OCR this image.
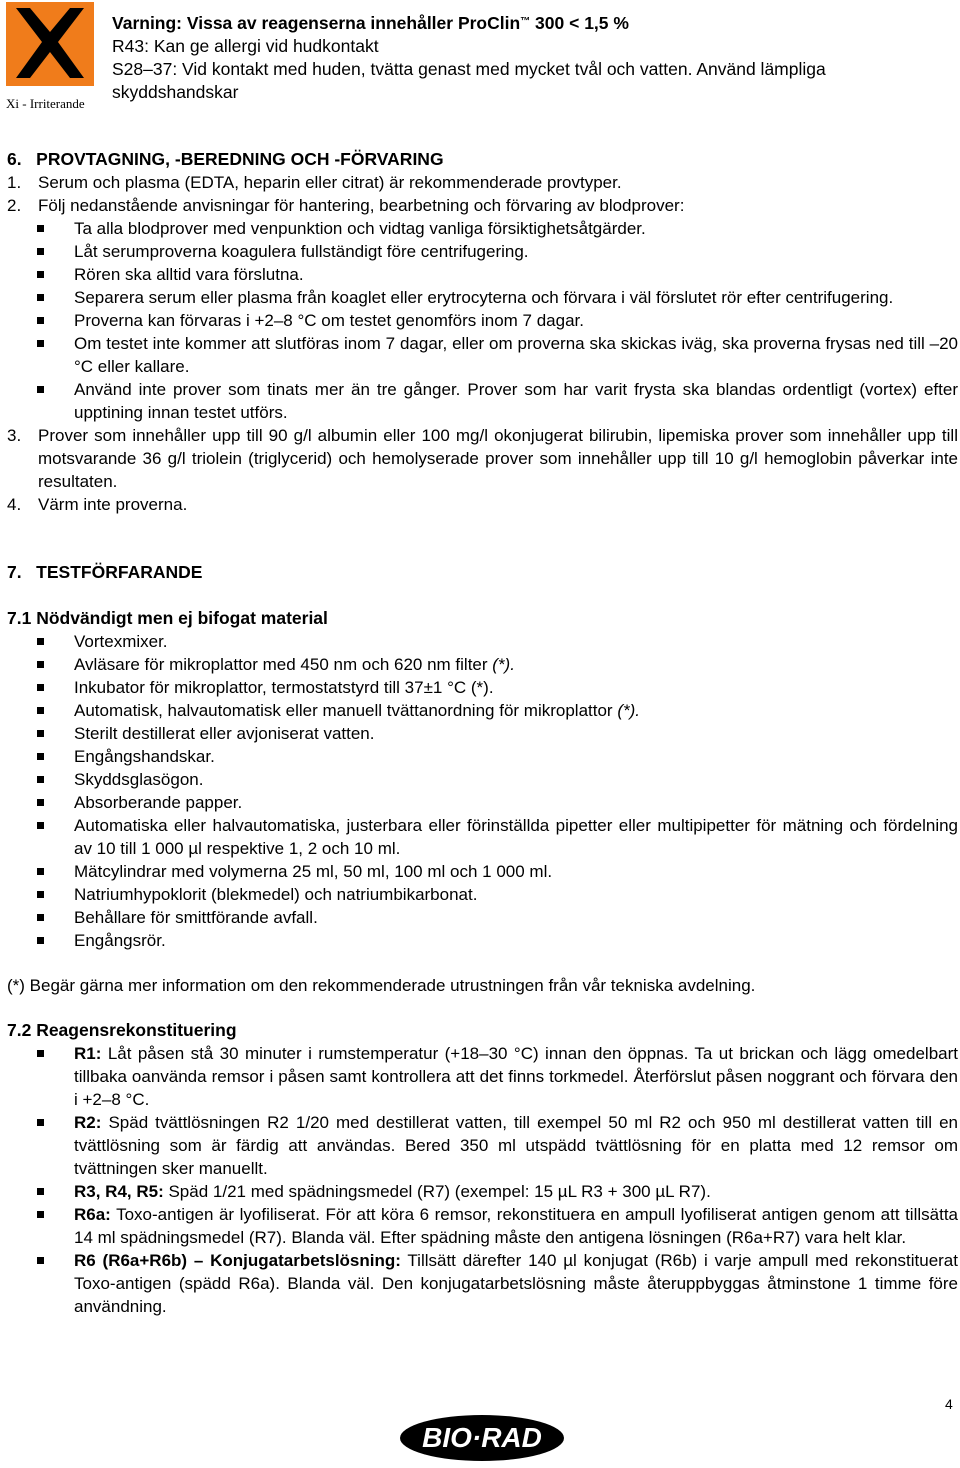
Xi - Irriterande
Varning: Vissa av reagenserna innehåller ProClin™ 300 < 1,5 %
R43: Kan ge allergi vid hudkontakt
S28–37: Vid kontakt med huden, tvätta genast med mycket tvål och vatten. Använd lämpliga
skyddshandskar
6.   PROVTAGNING, -BEREDNING OCH -FÖRVARING
1. Serum och plasma (EDTA, heparin eller citrat) är rekommenderade provtyper.
2. Följ nedanstående anvisningar för hantering, bearbetning och förvaring av blodprover:
Ta alla blodprover med venpunktion och vidtag vanliga försiktighetsåtgärder.
Låt serumproverna koagulera fullständigt före centrifugering.
Rören ska alltid vara förslutna.
Separera serum eller plasma från koaglet eller erytrocyterna och förvara i väl förslutet rör efter centrifugering.
Proverna kan förvaras i +2–8 °C om testet genomförs inom 7 dagar.
Om testet inte kommer att slutföras inom 7 dagar, eller om proverna ska skickas iväg, ska proverna frysas ned till –20 °C eller kallare.
Använd inte prover som tinats mer än tre gånger. Prover som har varit frysta ska blandas ordentligt (vortex) efter upptining innan testet utförs.
3. Prover som innehåller upp till 90 g/l albumin eller 100 mg/l okonjugerat bilirubin, lipemiska prover som innehåller upp till motsvarande 36 g/l triolein (triglycerid) och hemolyserade prover som innehåller upp till 10 g/l hemoglobin påverkar inte resultaten.
4. Värm inte proverna.
7.   TESTFÖRFARANDE
7.1 Nödvändigt men ej bifogat material
Vortexmixer.
Avläsare för mikroplattor med 450 nm och 620 nm filter (*).
Inkubator för mikroplattor, termostatstyrd till 37±1 °C (*).
Automatisk, halvautomatisk eller manuell tvättanordning för mikroplattor (*).
Sterilt destillerat eller avjoniserat vatten.
Engångshandskar.
Skyddsglasögon.
Absorberande papper.
Automatiska eller halvautomatiska, justerbara eller förinställda pipetter eller multipipetter för mätning och fördelning av 10 till 1 000 µl respektive 1, 2 och 10 ml.
Mätcylindrar med volymerna 25 ml, 50 ml, 100 ml och 1 000 ml.
Natriumhypoklorit (blekmedel) och natriumbikarbonat.
Behållare för smittförande avfall.
Engångsrör.
(*) Begär gärna mer information om den rekommenderade utrustningen från vår tekniska avdelning.
7.2 Reagensrekonstituering
R1: Låt påsen stå 30 minuter i rumstemperatur (+18–30 °C) innan den öppnas. Ta ut brickan och lägg omedelbart tillbaka oanvända remsor i påsen samt kontrollera att det finns torkmedel. Återförslut påsen noggrant och förvara den i +2–8 °C.
R2: Späd tvättlösningen R2 1/20 med destillerat vatten, till exempel 50 ml R2 och 950 ml destillerat vatten till en tvättlösning som är färdig att användas. Bered 350 ml utspädd tvättlösning för en platta med 12 remsor om tvättningen sker manuellt.
R3, R4, R5: Späd 1/21 med spädningsmedel (R7) (exempel: 15 µL R3 + 300 µL R7).
R6a: Toxo-antigen är lyofiliserat. För att köra 6 remsor, rekonstituera en ampull lyofiliserat antigen genom att tillsätta 14 ml spädningsmedel (R7). Blanda väl. Efter spädning måste den antigena lösningen (R6a+R7) vara helt klar.
R6 (R6a+R6b) – Konjugatarbetslösning: Tillsätt därefter 140 µl konjugat (R6b) i varje ampull med rekonstituerat Toxo-antigen (spädd R6a). Blanda väl. Den konjugatarbetslösning måste återuppbyggas åtminstone 1 timme före användning.
4
BIO·RAD
